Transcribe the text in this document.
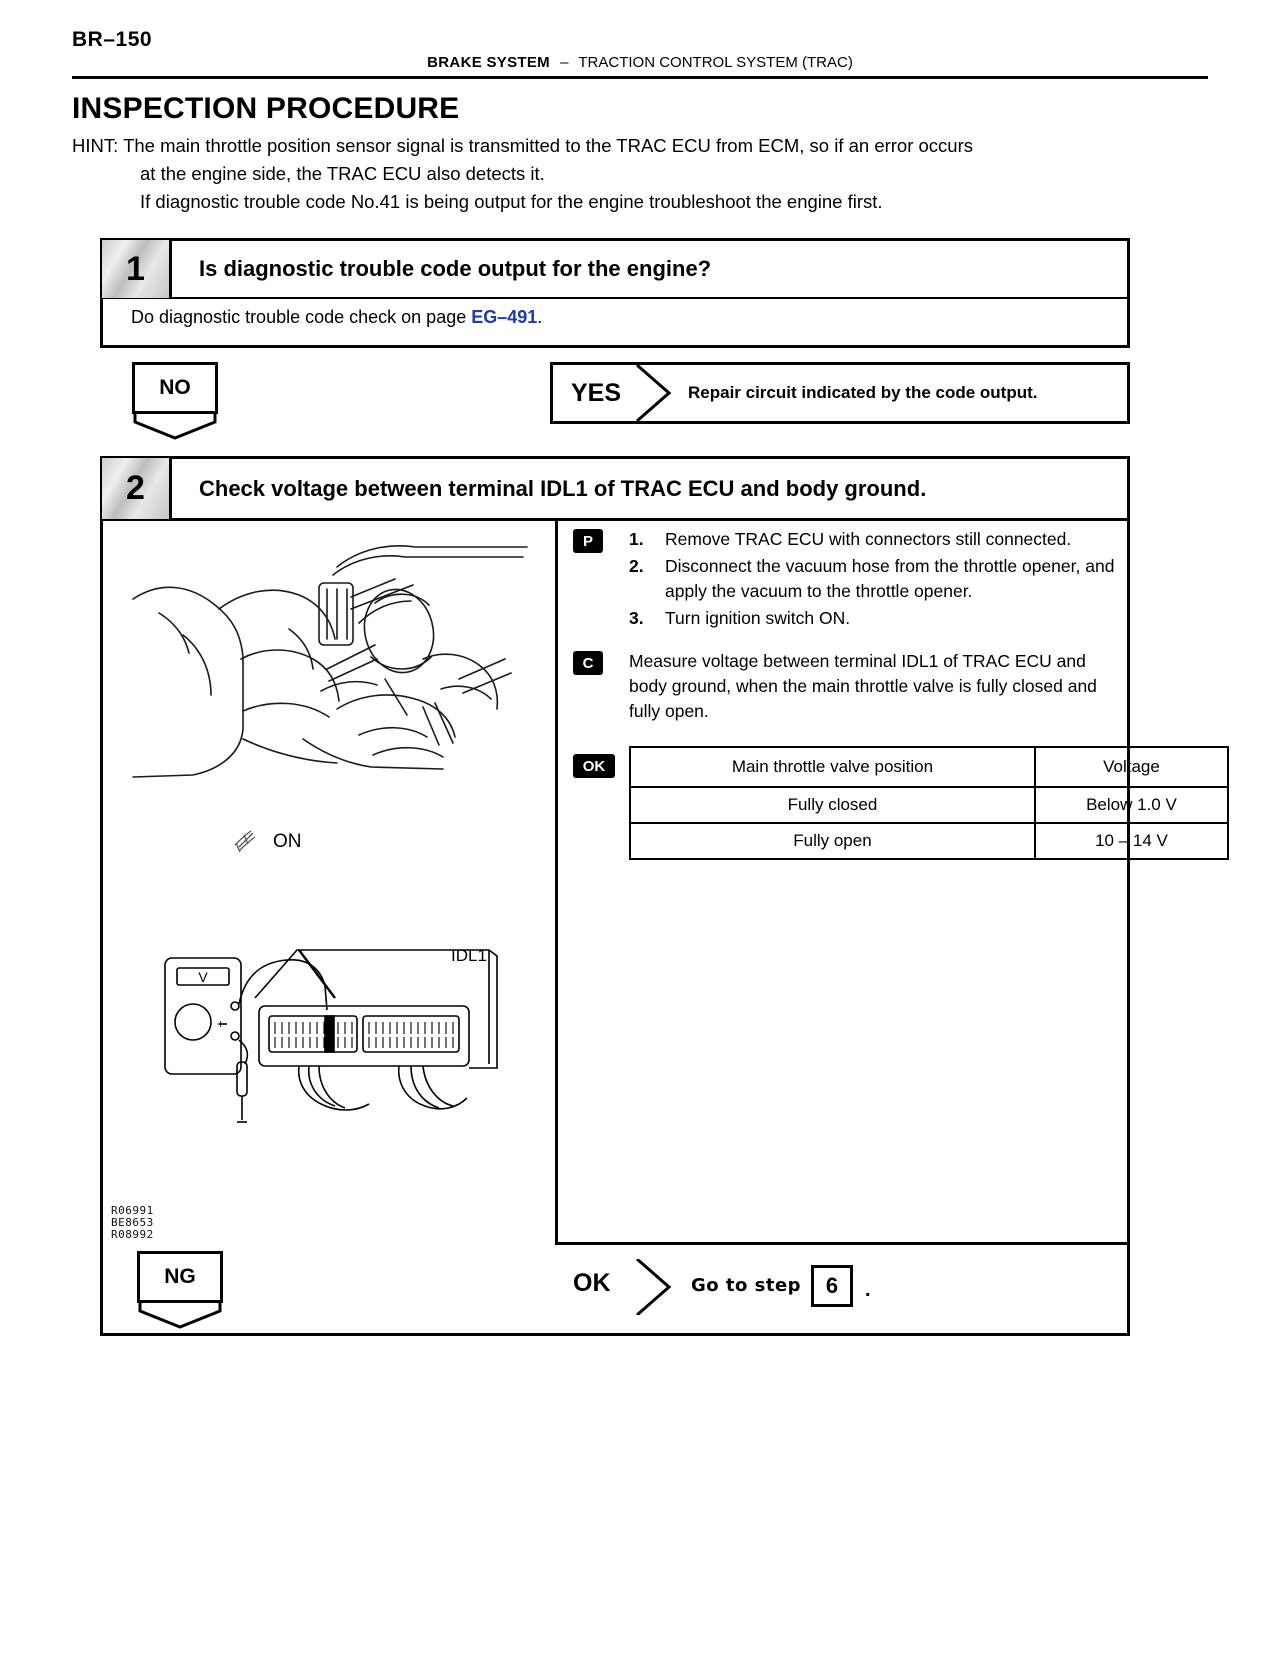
BR–150
BRAKE SYSTEM – TRACTION CONTROL SYSTEM (TRAC)
INSPECTION PROCEDURE
HINT: The main throttle position sensor signal is transmitted to the TRAC ECU from ECM, so if an error occurs
at the engine side, the TRAC ECU also detects it.
If diagnostic trouble code No.41 is being output for the engine troubleshoot the engine first.
1	Is diagnostic trouble code output for the engine?
Do diagnostic trouble code check on page EG–491.
NO	YES	Repair circuit indicated by the code output.
2	Check voltage between terminal IDL1 of TRAC ECU and body ground.
ON
V
+
IDL1
R06991
BE8653
R08992
P	1. Remove TRAC ECU with connectors still connected.
2. Disconnect the vacuum hose from the throttle opener, and apply the vacuum to the throttle opener.
3. Turn ignition switch ON.
C	Measure voltage between terminal IDL1 of TRAC ECU and body ground, when the main throttle valve is fully closed and fully open.
OK	Main throttle valve position	Voltage
Fully closed	Below 1.0 V
Fully open	10 – 14 V
NG	OK	Go to step	6	.
